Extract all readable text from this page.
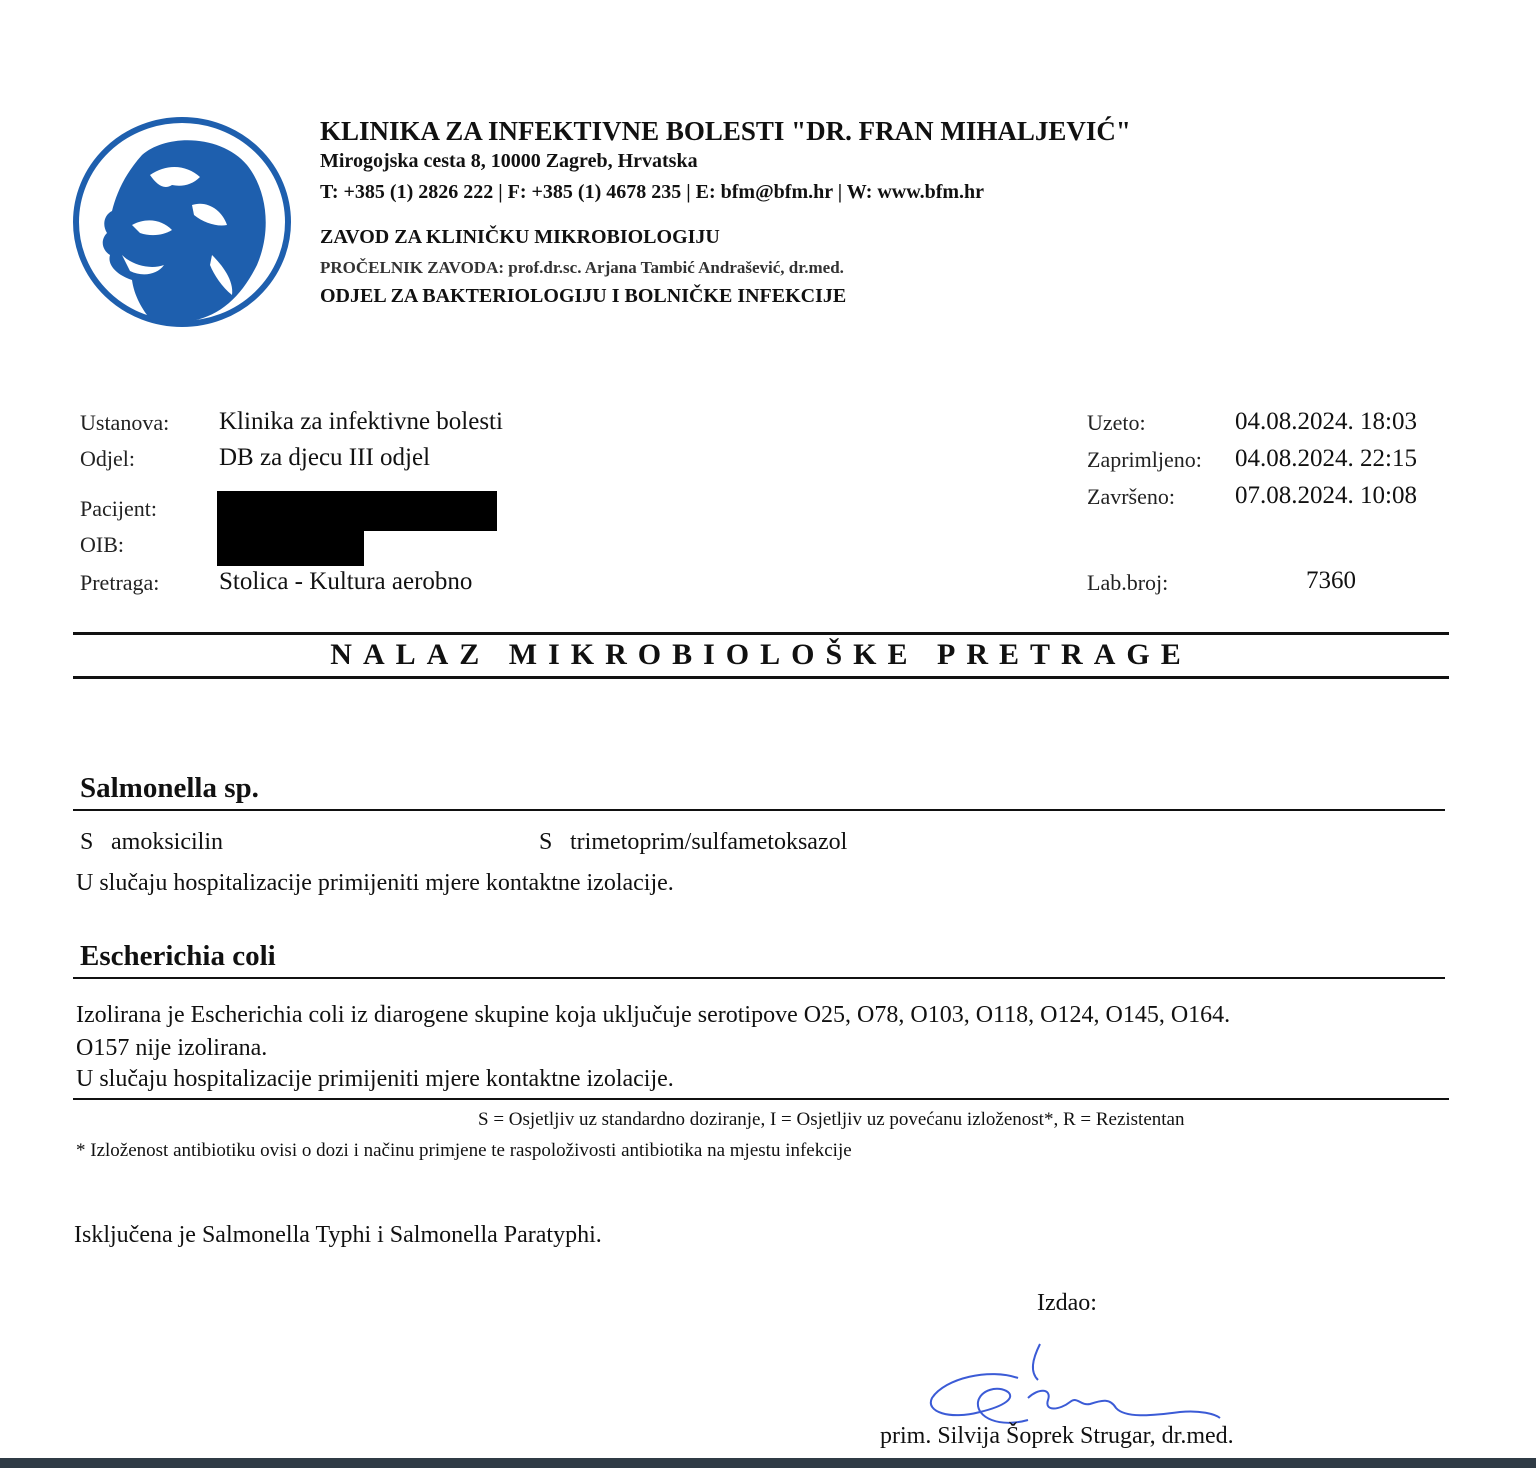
KLINIKA ZA INFEKTIVNE BOLESTI "DR. FRAN MIHALJEVIĆ"
Mirogojska cesta 8, 10000 Zagreb, Hrvatska
T: +385 (1) 2826 222 | F: +385 (1) 4678 235 | E: bfm@bfm.hr | W: www.bfm.hr
ZAVOD ZA KLINIČKU MIKROBIOLOGIJU
PROČELNIK ZAVODA: prof.dr.sc. Arjana Tambić Andrašević, dr.med.
ODJEL ZA BAKTERIOLOGIJU I BOLNIČKE INFEKCIJE
Ustanova: Klinika za infektivne bolesti
Odjel:	DB za djecu III odjel
Pacijent:
OIB:
Pretraga: Stolica - Kultura aerobno
Uzeto:	04.08.2024. 18:03
Zaprimljeno: 04.08.2024. 22:15
Završeno: 07.08.2024. 10:08
Lab.broj:	7360
NALAZ MIKROBIOLOŠKE PRETRAGE
Salmonella sp.
S amoksicilin	S trimetoprim/sulfametoksazol
U slučaju hospitalizacije primijeniti mjere kontaktne izolacije.
Escherichia coli
Izolirana je Escherichia coli iz diarogene skupine koja uključuje serotipove O25, O78, O103, O118, O124, O145, O164.
O157 nije izolirana.
U slučaju hospitalizacije primijeniti mjere kontaktne izolacije.
S = Osjetljiv uz standardno doziranje, I = Osjetljiv uz povećanu izloženost*, R = Rezistentan
* Izloženost antibiotiku ovisi o dozi i načinu primjene te raspoloživosti antibiotika na mjestu infekcije
Isključena je Salmonella Typhi i Salmonella Paratyphi.
Izdao:
prim. Silvija Šoprek Strugar, dr.med.
